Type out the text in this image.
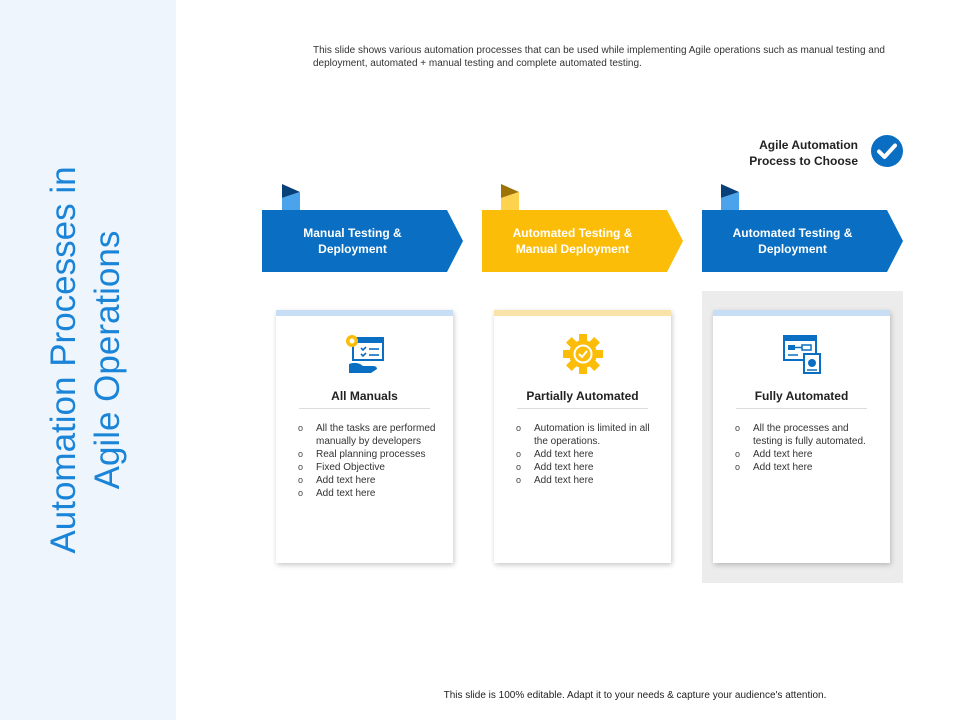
Automation Processes in Agile Operations
This slide shows various automation processes that can be used while implementing Agile operations such as manual testing and deployment, automated + manual testing and complete automated testing.
Agile Automation Process to Choose
Manual Testing & Deployment
Automated Testing & Manual Deployment
Automated Testing & Deployment
All Manuals
o All the tasks are performed manually by developers
o Real planning processes
o Fixed Objective
o Add text here
o Add text here
Partially Automated
o Automation is limited in all the operations.
o Add text here
o Add text here
o Add text here
Fully Automated
o All the processes and testing is fully automated.
o Add text here
o Add text here
This slide is 100% editable. Adapt it to your needs & capture your audience's attention.
